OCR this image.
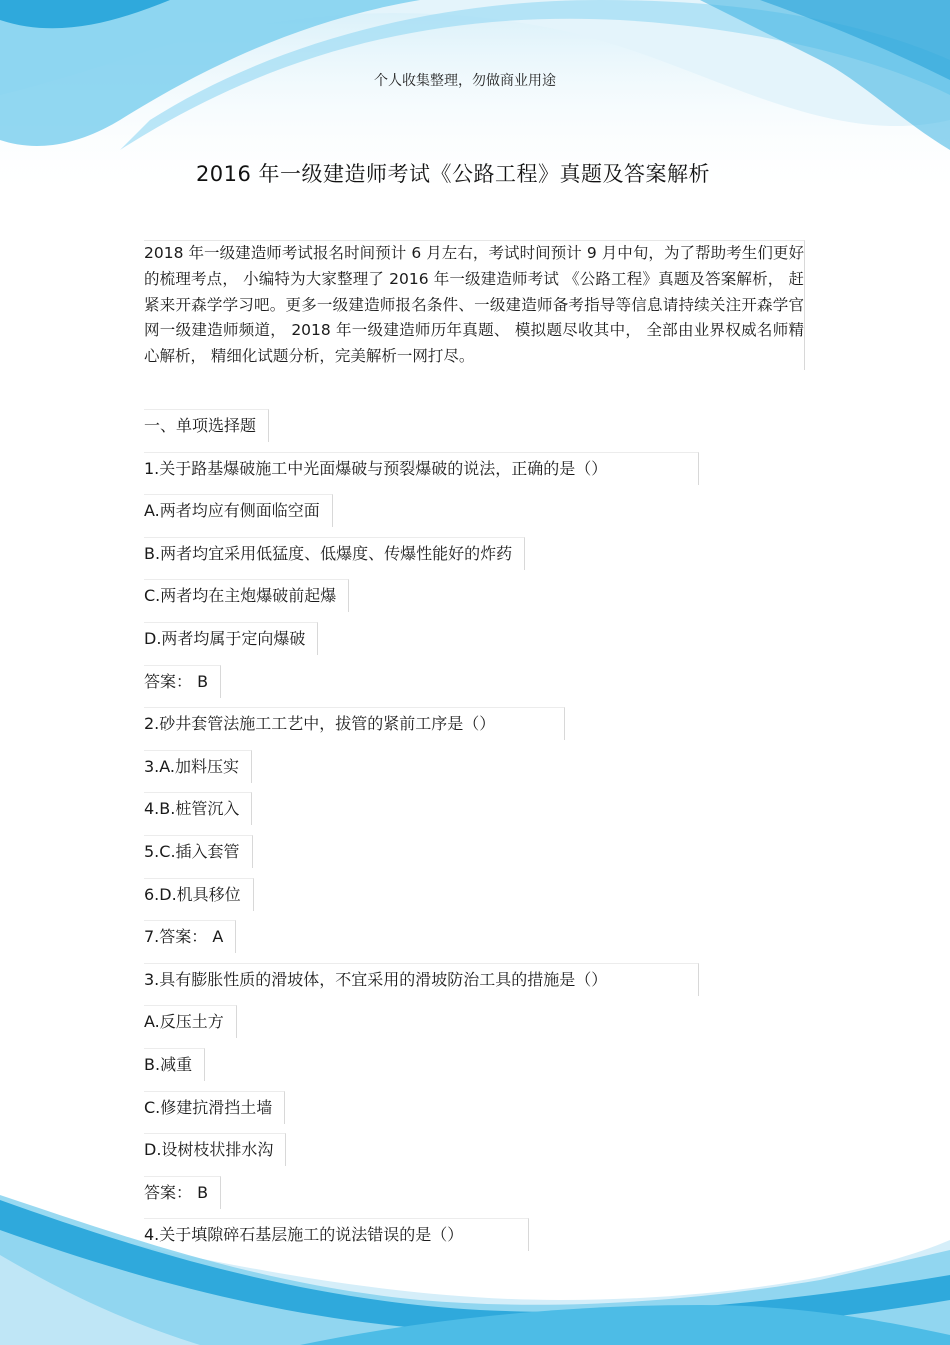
个人收集整理，勿做商业用途
2016 年一级建造师考试《公路工程》真题及答案解析
2018 年一级建造师考试报名时间预计 6 月左右，考试时间预计 9 月中旬，为了帮助考生们更好的梳理考点， 小编特为大家整理了 2016 年一级建造师考试 《公路工程》真题及答案解析， 赶紧来开森学学习吧。更多一级建造师报名条件、一级建造师备考指导等信息请持续关注开森学官网一级建造师频道， 2018 年一级建造师历年真题、 模拟题尽收其中， 全部由业界权威名师精心解析， 精细化试题分析，完美解析一网打尽。
一、单项选择题
1.关于路基爆破施工中光面爆破与预裂爆破的说法，正确的是（）
A.两者均应有侧面临空面
B.两者均宜采用低猛度、低爆度、传爆性能好的炸药
C.两者均在主炮爆破前起爆
D.两者均属于定向爆破
答案： B
2.砂井套管法施工工艺中，拔管的紧前工序是（）
3.A.加料压实
4.B.桩管沉入
5.C.插入套管
6.D.机具移位
7.答案： A
3.具有膨胀性质的滑坡体，不宜采用的滑坡防治工具的措施是（）
A.反压土方
B.减重
C.修建抗滑挡土墙
D.设树枝状排水沟
答案： B
4.关于填隙碎石基层施工的说法错误的是（）
